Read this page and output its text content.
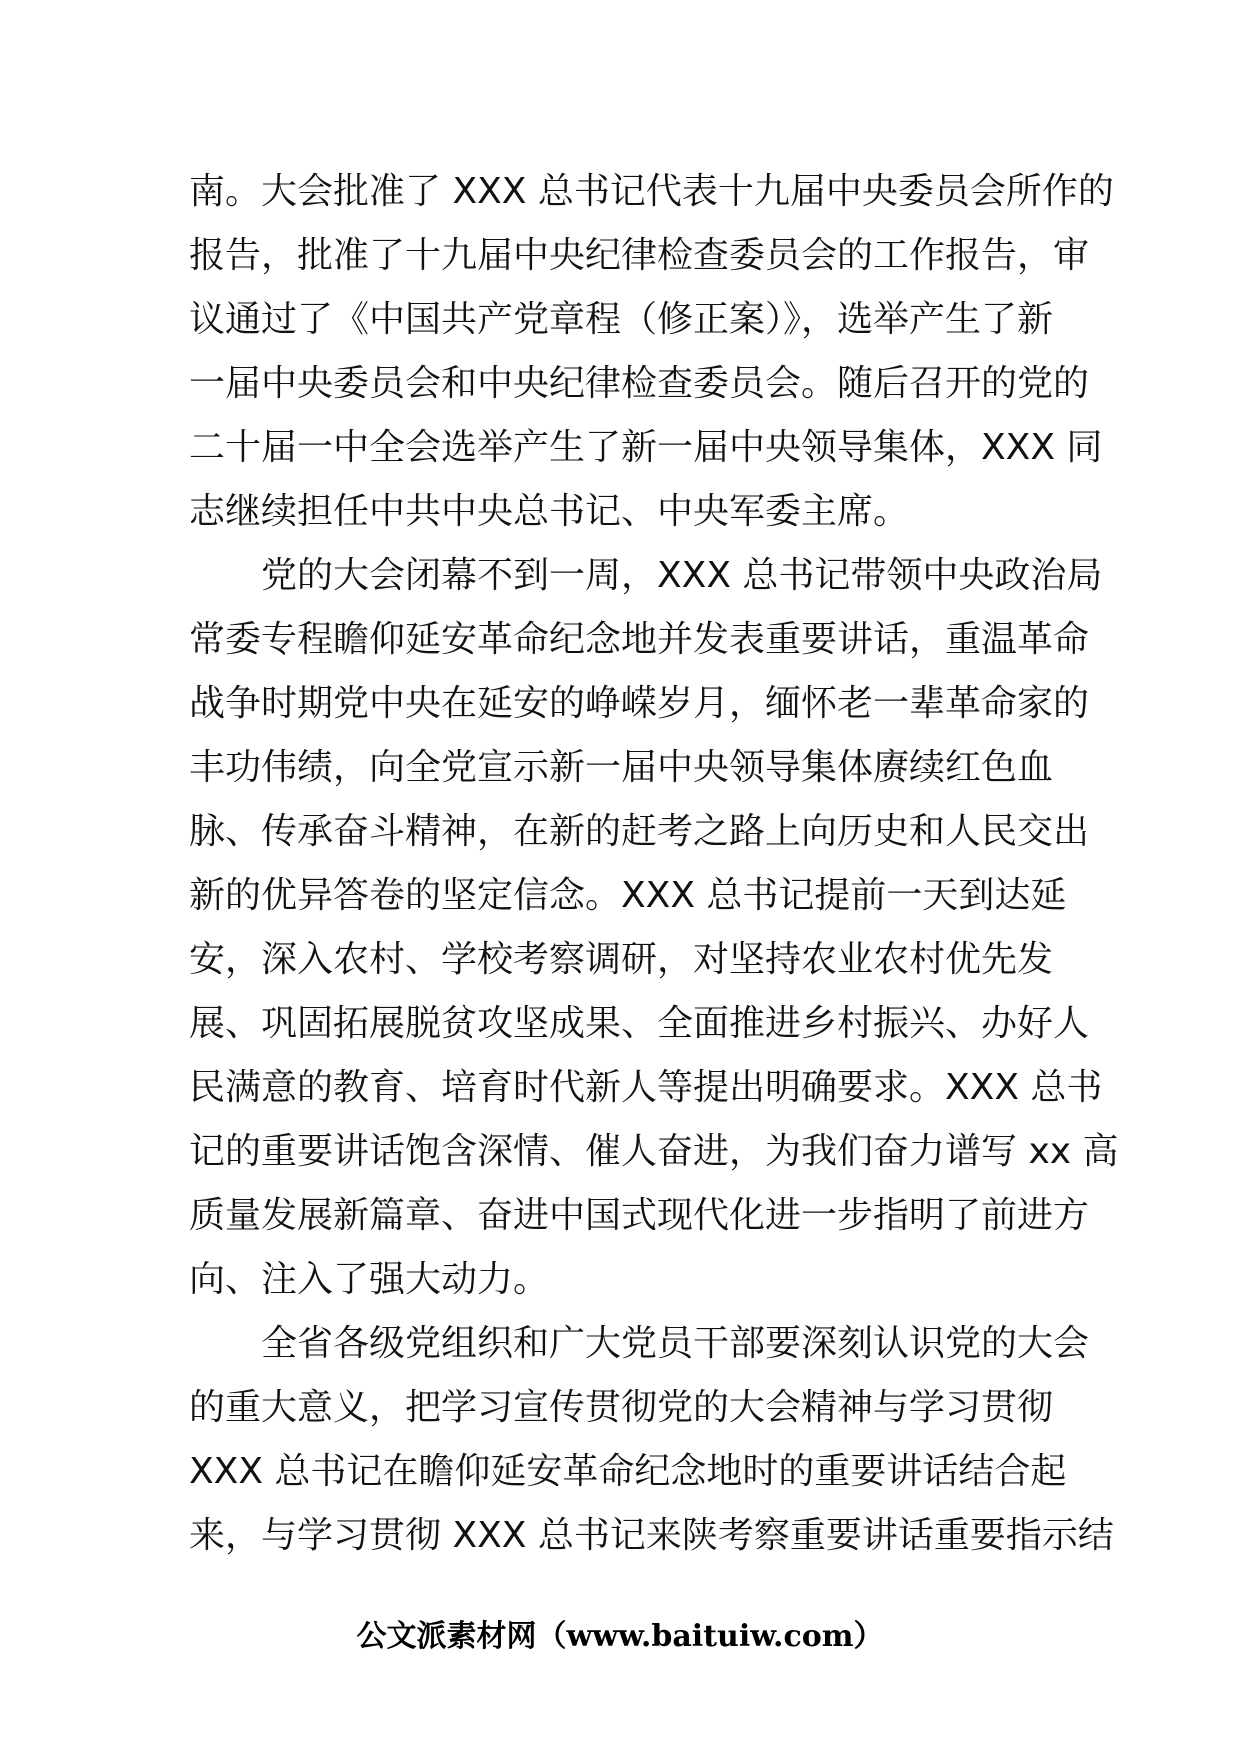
南。大会批准了 XXX 总书记代表十九届中央委员会所作的
报告，批准了十九届中央纪律检查委员会的工作报告，审
议通过了《中国共产党章程（修正案）》，选举产生了新
一届中央委员会和中央纪律检查委员会。随后召开的党的
二十届一中全会选举产生了新一届中央领导集体，XXX 同
志继续担任中共中央总书记、中央军委主席。
　　党的大会闭幕不到一周，XXX 总书记带领中央政治局
常委专程瞻仰延安革命纪念地并发表重要讲话，重温革命
战争时期党中央在延安的峥嵘岁月，缅怀老一辈革命家的
丰功伟绩，向全党宣示新一届中央领导集体赓续红色血
脉、传承奋斗精神，在新的赶考之路上向历史和人民交出
新的优异答卷的坚定信念。XXX 总书记提前一天到达延
安，深入农村、学校考察调研，对坚持农业农村优先发
展、巩固拓展脱贫攻坚成果、全面推进乡村振兴、办好人
民满意的教育、培育时代新人等提出明确要求。XXX 总书
记的重要讲话饱含深情、催人奋进，为我们奋力谱写 xx 高
质量发展新篇章、奋进中国式现代化进一步指明了前进方
向、注入了强大动力。
　　全省各级党组织和广大党员干部要深刻认识党的大会
的重大意义，把学习宣传贯彻党的大会精神与学习贯彻
XXX 总书记在瞻仰延安革命纪念地时的重要讲话结合起
来，与学习贯彻 XXX 总书记来陕考察重要讲话重要指示结
公文派素材网（www.baituiw.com）
